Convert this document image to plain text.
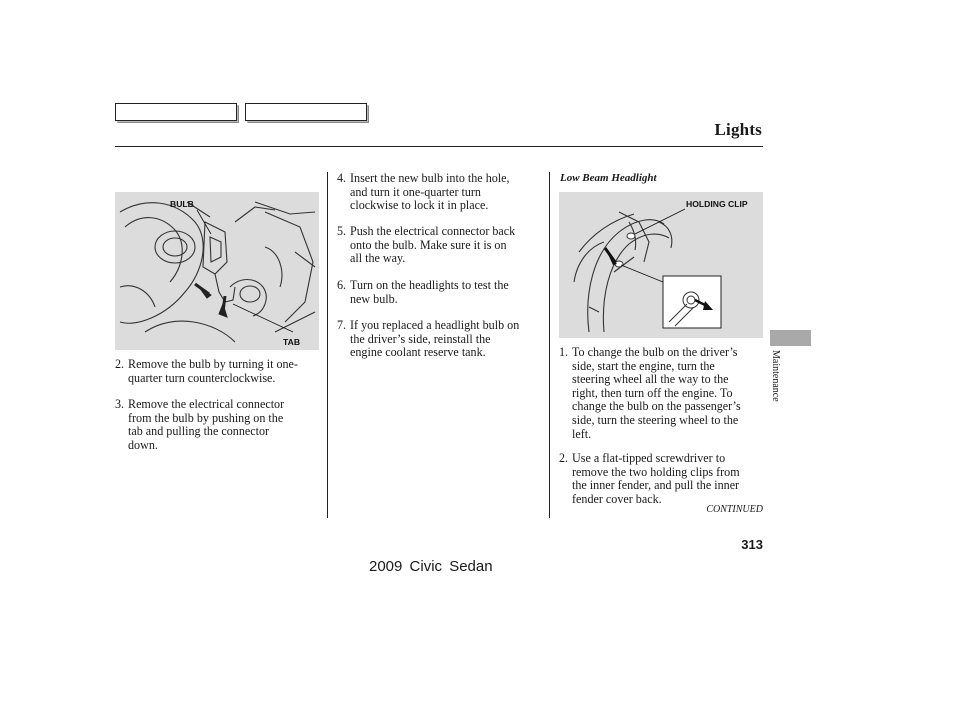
Lights
BULB
TAB
2. Remove the bulb by turning it one-
quarter turn counterclockwise.
3. Remove the electrical connector
from the bulb by pushing on the
tab and pulling the connector
down.
4. Insert the new bulb into the hole,
and turn it one-quarter turn
clockwise to lock it in place.
5. Push the electrical connector back
onto the bulb. Make sure it is on
all the way.
6. Turn on the headlights to test the
new bulb.
7. If you replaced a headlight bulb on
the driver’s side, reinstall the
engine coolant reserve tank.
Low Beam Headlight
HOLDING CLIP
1. To change the bulb on the driver’s
side, start the engine, turn the
steering wheel all the way to the
right, then turn off the engine. To
change the bulb on the passenger’s
side, turn the steering wheel to the
left.
2. Use a flat-tipped screwdriver to
remove the two holding clips from
the inner fender, and pull the inner
fender cover back.
CONTINUED
Maintenance
313
2009 Civic Sedan
